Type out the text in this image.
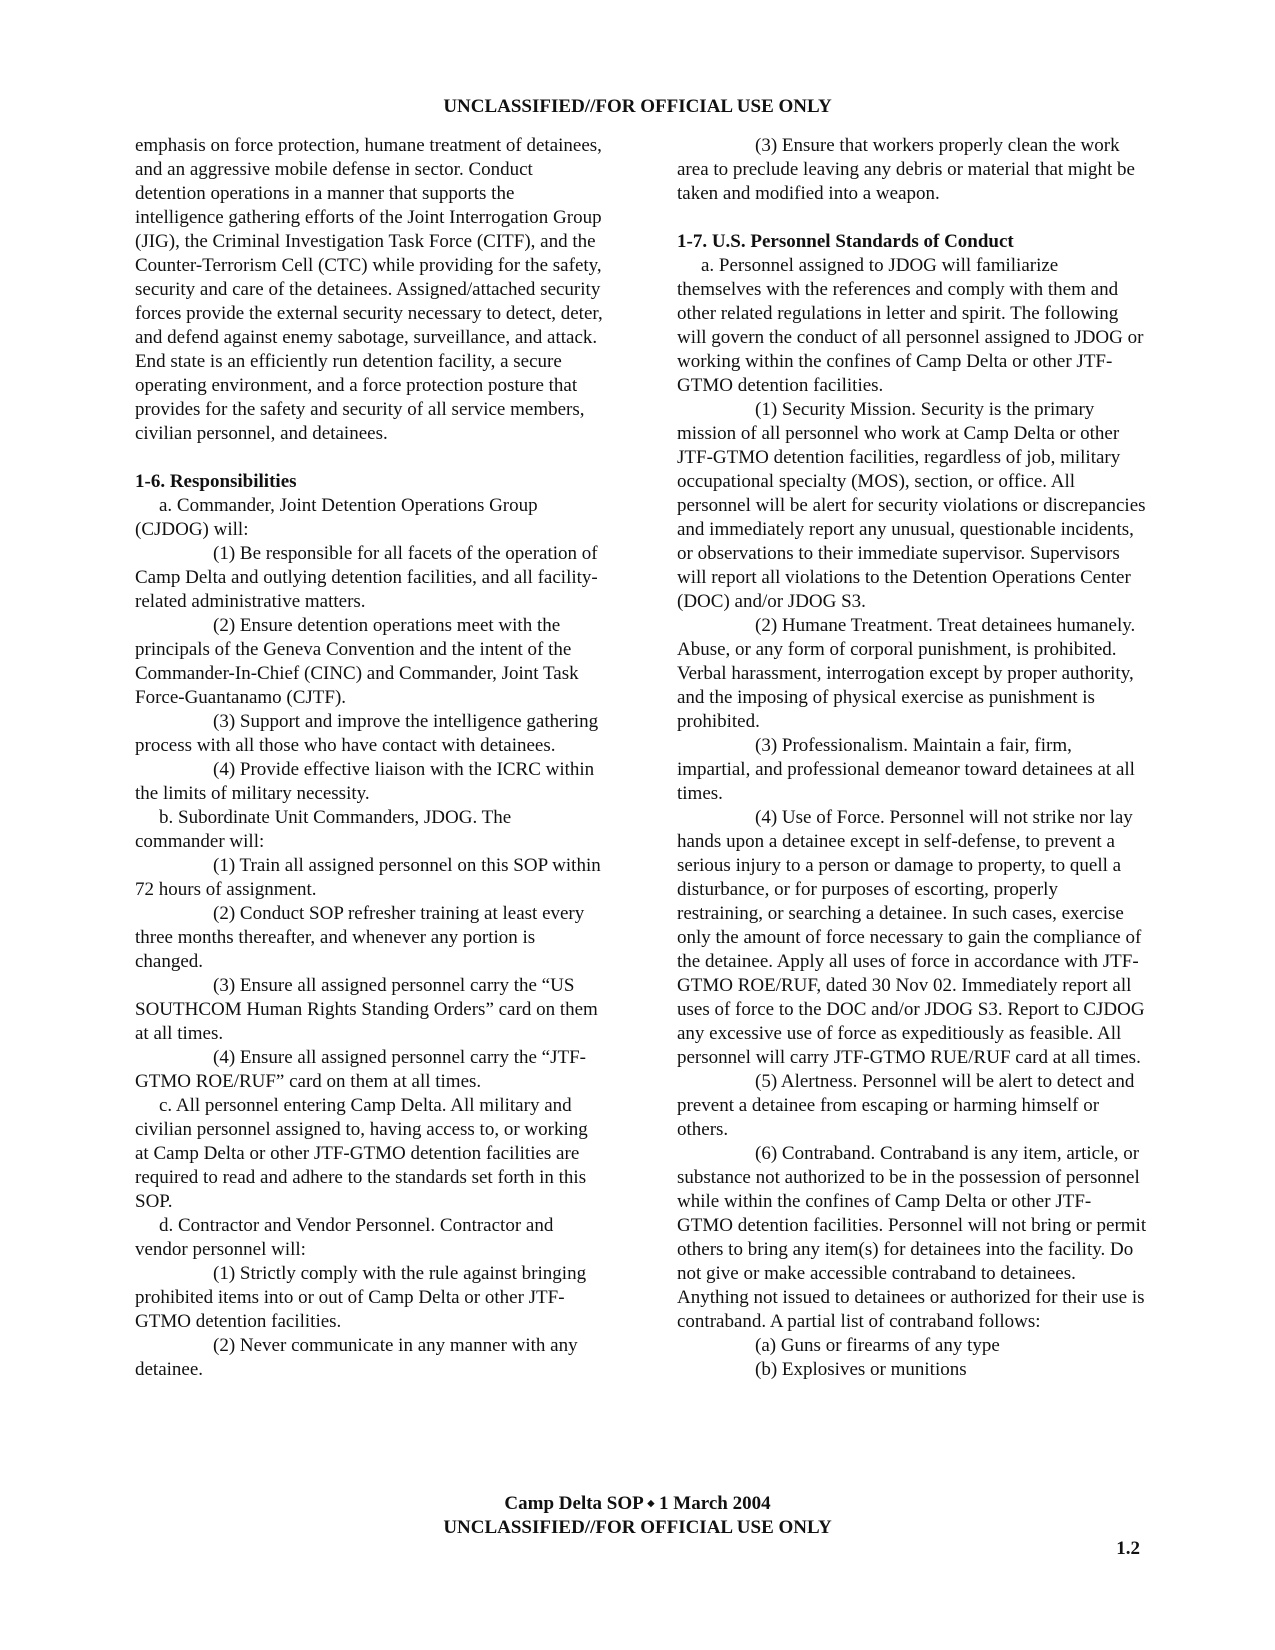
UNCLASSIFIED//FOR OFFICIAL USE ONLY

emphasis on force protection, humane treatment of detainees, and an aggressive mobile defense in sector. Conduct detention operations in a manner that supports the intelligence gathering efforts of the Joint Interrogation Group (JIG), the Criminal Investigation Task Force (CITF), and the Counter-Terrorism Cell (CTC) while providing for the safety, security and care of the detainees. Assigned/attached security forces provide the external security necessary to detect, deter, and defend against enemy sabotage, surveillance, and attack. End state is an efficiently run detention facility, a secure operating environment, and a force protection posture that provides for the safety and security of all service members, civilian personnel, and detainees.

1-6. Responsibilities

a. Commander, Joint Detention Operations Group (CJDOG) will:

(1) Be responsible for all facets of the operation of Camp Delta and outlying detention facilities, and all facility-related administrative matters.

(2) Ensure detention operations meet with the principals of the Geneva Convention and the intent of the Commander-In-Chief (CINC) and Commander, Joint Task Force-Guantanamo (CJTF).

(3) Support and improve the intelligence gathering process with all those who have contact with detainees.

(4) Provide effective liaison with the ICRC within the limits of military necessity.

b. Subordinate Unit Commanders, JDOG. The commander will:

(1) Train all assigned personnel on this SOP within 72 hours of assignment.

(2) Conduct SOP refresher training at least every three months thereafter, and whenever any portion is changed.

(3) Ensure all assigned personnel carry the “US SOUTHCOM Human Rights Standing Orders” card on them at all times.

(4) Ensure all assigned personnel carry the “JTF-GTMO ROE/RUF” card on them at all times.

c. All personnel entering Camp Delta. All military and civilian personnel assigned to, having access to, or working at Camp Delta or other JTF-GTMO detention facilities are required to read and adhere to the standards set forth in this SOP.

d. Contractor and Vendor Personnel. Contractor and vendor personnel will:

(1) Strictly comply with the rule against bringing prohibited items into or out of Camp Delta or other JTF-GTMO detention facilities.

(2) Never communicate in any manner with any detainee.

(3) Ensure that workers properly clean the work area to preclude leaving any debris or material that might be taken and modified into a weapon.

1-7. U.S. Personnel Standards of Conduct

a. Personnel assigned to JDOG will familiarize themselves with the references and comply with them and other related regulations in letter and spirit. The following will govern the conduct of all personnel assigned to JDOG or working within the confines of Camp Delta or other JTF-GTMO detention facilities.

(1) Security Mission. Security is the primary mission of all personnel who work at Camp Delta or other JTF-GTMO detention facilities, regardless of job, military occupational specialty (MOS), section, or office. All personnel will be alert for security violations or discrepancies and immediately report any unusual, questionable incidents, or observations to their immediate supervisor. Supervisors will report all violations to the Detention Operations Center (DOC) and/or JDOG S3.

(2) Humane Treatment. Treat detainees humanely. Abuse, or any form of corporal punishment, is prohibited. Verbal harassment, interrogation except by proper authority, and the imposing of physical exercise as punishment is prohibited.

(3) Professionalism. Maintain a fair, firm, impartial, and professional demeanor toward detainees at all times.

(4) Use of Force. Personnel will not strike nor lay hands upon a detainee except in self-defense, to prevent a serious injury to a person or damage to property, to quell a disturbance, or for purposes of escorting, properly restraining, or searching a detainee. In such cases, exercise only the amount of force necessary to gain the compliance of the detainee. Apply all uses of force in accordance with JTF-GTMO ROE/RUF, dated 30 Nov 02. Immediately report all uses of force to the DOC and/or JDOG S3. Report to CJDOG any excessive use of force as expeditiously as feasible. All personnel will carry JTF-GTMO RUE/RUF card at all times.

(5) Alertness. Personnel will be alert to detect and prevent a detainee from escaping or harming himself or others.

(6) Contraband. Contraband is any item, article, or substance not authorized to be in the possession of personnel while within the confines of Camp Delta or other JTF-GTMO detention facilities. Personnel will not bring or permit others to bring any item(s) for detainees into the facility. Do not give or make accessible contraband to detainees. Anything not issued to detainees or authorized for their use is contraband. A partial list of contraband follows:

(a) Guns or firearms of any type

(b) Explosives or munitions

Camp Delta SOP ⬩ 1 March 2004
UNCLASSIFIED//FOR OFFICIAL USE ONLY
1.2
